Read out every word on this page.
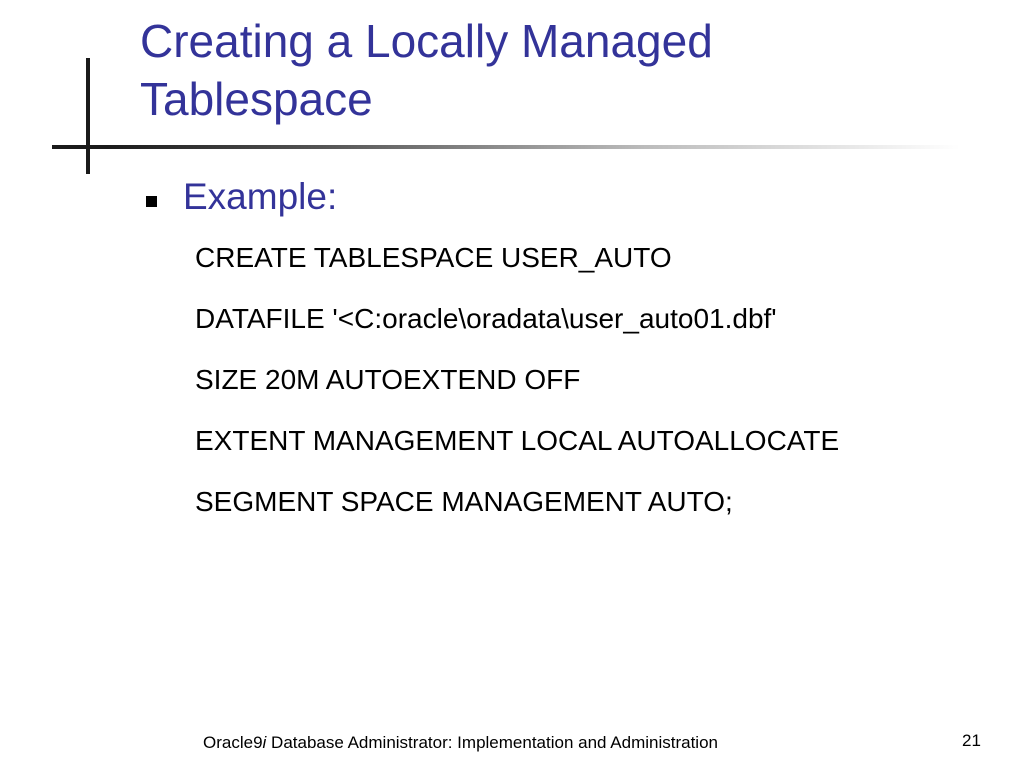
Creating a Locally Managed
Tablespace
Example:
CREATE TABLESPACE USER_AUTO
DATAFILE '<C:oracle\oradata\user_auto01.dbf'
SIZE 20M AUTOEXTEND OFF
EXTENT MANAGEMENT LOCAL AUTOALLOCATE
SEGMENT SPACE MANAGEMENT AUTO;
Oracle9i Database Administrator: Implementation and Administration	21
